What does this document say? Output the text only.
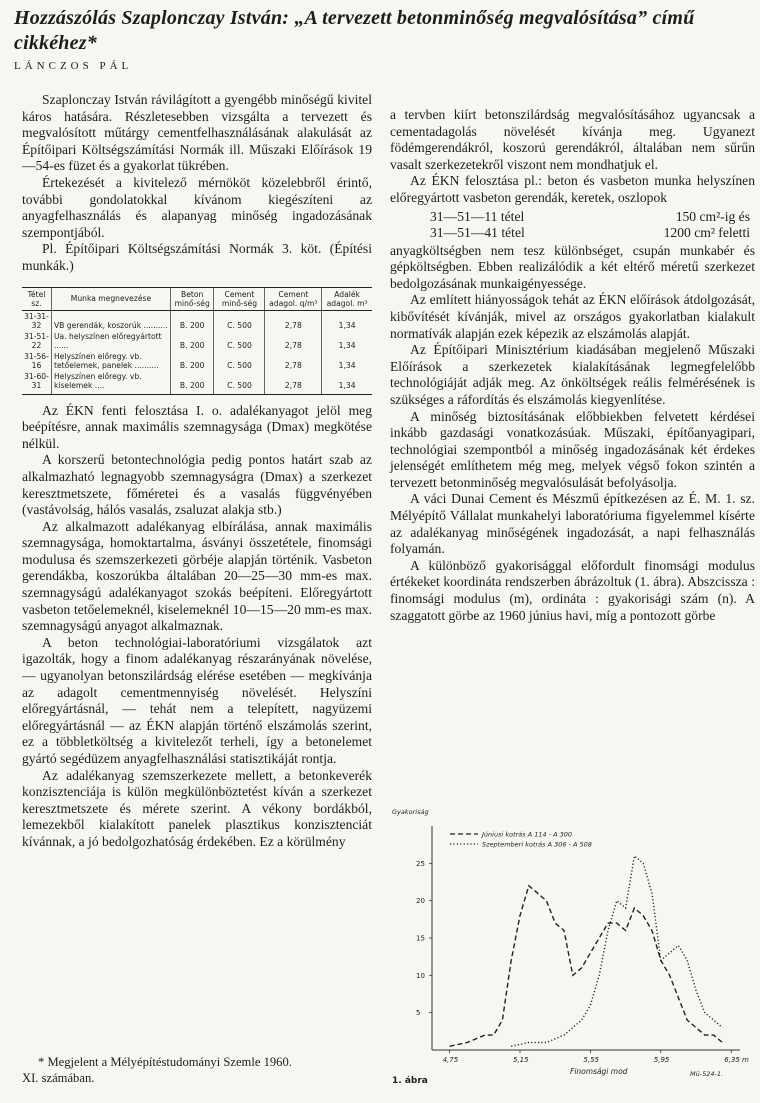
Hozzászólás Szaplonczay István: „A tervezett betonminőség megvalósítása” című cikkéhez*
LÁNCZOS PÁL

Szaplonczay István rávilágított a gyengébb minőségű kivitel káros hatására. Részletesebben vizsgálta a tervezett és megvalósított műtárgy cementfelhasználásának alakulását az Építőipari Költségszámítási Normák ill. Műszaki Előírások 19—54-es füzet és a gyakorlat tükrében.

Értekezését a kivitelező mérnököt közelebbről érintő, további gondolatokkal kívánom kiegészíteni az anyagfelhasználás és alapanyag minőség ingadozásának szempontjából.

Pl. Építőipari Költségszámítási Normák 3. köt. (Építési munkák.)

Tétel sz.	Munka megnevezése	Beton minő-ség	Cement minő-ség	Cement adagol. q/m³	Adalék adagol. m³
31-31-32	VB gerendák, koszorúk ..........	B. 200	C. 500	2,78	1,34
31-51-22	Ua. helyszínen előregyártott ......	B. 200	C. 500	2,78	1,34
31-56-16	Helyszínen előregy. vb. tetőelemek, panelek ..........	B. 200	C. 500	2,78	1,34
31-60-31	Helyszínen előregy. vb. kiselemek ....	B. 200	C. 500	2,78	1,34

Az ÉKN fenti felosztása I. o. adalékanyagot jelöl meg beépítésre, annak maximális szemnagysága (Dmax) megkötése nélkül.

A korszerű betontechnológia pedig pontos határt szab az alkalmazható legnagyobb szemnagyságra (Dmax) a szerkezet keresztmetszete, főméretei és a vasalás függvényében (vastávolság, hálós vasalás, zsaluzat alakja stb.)

Az alkalmazott adalékanyag elbírálása, annak maximális szemnagysága, homoktartalma, ásványi összetétele, finomsági modulusa és szemszerkezeti görbéje alapján történik. Vasbeton gerendákba, koszorúkba általában 20—25—30 mm-es max. szemnagyságú adalékanyagot szokás beépíteni. Előregyártott vasbeton tetőelemeknél, kiselemeknél 10—15—20 mm-es max. szemnagyságú anyagot alkalmaznak.

A beton technológiai-laboratóriumi vizsgálatok azt igazolták, hogy a finom adalékanyag részarányának növelése, — ugyanolyan betonszilárdság elérése esetében — megkívánja az adagolt cementmennyiség növelését. Helyszíni előregyártásnál, — tehát nem a telepített, nagyüzemi előregyártásnál — az ÉKN alapján történő elszámolás szerint, ez a többletköltség a kivitelezőt terheli, így a betonelemet gyártó segédüzem anyagfelhasználási statisztikáját rontja.

Az adalékanyag szemszerkezete mellett, a betonkeverék konzisztenciája is külön megkülönböztetést kíván a szerkezet keresztmetszete és mérete szerint. A vékony bordákból, lemezekből kialakított panelek plasztikus konzisztenciát kívánnak, a jó bedolgozhatóság érdekében. Ez a körülmény

* Megjelent a Mélyépítéstudományi Szemle 1960.
XI. számában.

a tervben kiírt betonszilárdság megvalósításához ugyancsak a cementadagolás növelését kívánja meg. Ugyanezt födémgerendákról, koszorú gerendákról, általában nem sűrűn vasalt szerkezetekről viszont nem mondhatjuk el.

Az ÉKN felosztása pl.: beton és vasbeton munka helyszínen előregyártott vasbeton gerendák, keretek, oszlopok

31—51—11 tétel	150 cm²-ig és
31—51—41 tétel	1200 cm² feletti

anyagköltségben nem tesz különbséget, csupán munkabér és gépköltségben. Ebben realizálódik a két eltérő méretű szerkezet bedolgozásának munkaigényessége.

Az említett hiányosságok tehát az ÉKN előírások átdolgozását, kibővítését kívánják, mivel az országos gyakorlatban kialakult normatívák alapján ezek képezik az elszámolás alapját.

Az Építőipari Minisztérium kiadásában megjelenő Műszaki Előírások a szerkezetek kialakításának legmegfelelőbb technológiáját adják meg. Az önköltségek reális felmérésének is szükséges a ráfordítás és elszámolás kiegyenlítése.

A minőség biztosításának előbbiekben felvetett kérdései inkább gazdasági vonatkozásúak. Műszaki, építőanyagipari, technológiai szempontból a minőség ingadozásának két érdekes jelenségét említhetem még meg, melyek végső fokon szintén a tervezett betonminőség megvalósulását befolyásolja.

A váci Dunai Cement és Mészmű építkezésen az É. M. 1. sz. Mélyépítő Vállalat munkahelyi laboratóriuma figyelemmel kísérte az adalékanyag minőségének ingadozását, a napi felhasználás folyamán.

A különböző gyakorisággal előfordult finomsági modulus értékeket koordináta rendszerben ábrázoltuk (1. ábra). Abszcissza : finomsági modulus (m), ordináta : gyakorisági szám (n). A szaggatott görbe az 1960 június havi, míg a pontozott görbe

5
10
15
20
25
4,75	5,15	5,55	5,95	6,35 m
Gyakoriság
Finomsági mod
Júniusi kotrás A 114 - A 300
Szeptemberi kotrás A 306 - A 508
Mü-524-1.
1. ábra
